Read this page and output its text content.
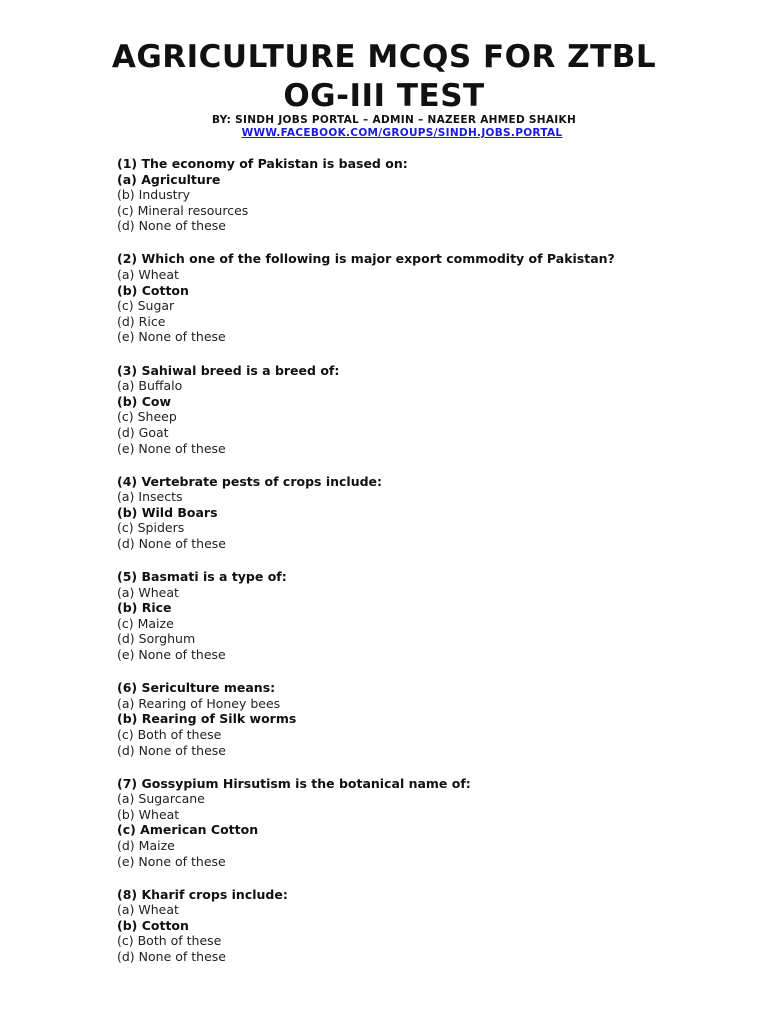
AGRICULTURE MCQS FOR ZTBL
OG-III TEST
BY: SINDH JOBS PORTAL – ADMIN – NAZEER AHMED SHAIKH
WWW.FACEBOOK.COM/GROUPS/SINDH.JOBS.PORTAL
(1) The economy of Pakistan is based on:
(a) Agriculture
(b) Industry
(c) Mineral resources
(d) None of these
(2) Which one of the following is major export commodity of Pakistan?
(a) Wheat
(b) Cotton
(c) Sugar
(d) Rice
(e) None of these
(3) Sahiwal breed is a breed of:
(a) Buffalo
(b) Cow
(c) Sheep
(d) Goat
(e) None of these
(4) Vertebrate pests of crops include:
(a) Insects
(b) Wild Boars
(c) Spiders
(d) None of these
(5) Basmati is a type of:
(a) Wheat
(b) Rice
(c) Maize
(d) Sorghum
(e) None of these
(6) Sericulture means:
(a) Rearing of Honey bees
(b) Rearing of Silk worms
(c) Both of these
(d) None of these
(7) Gossypium Hirsutism is the botanical name of:
(a) Sugarcane
(b) Wheat
(c) American Cotton
(d) Maize
(e) None of these
(8) Kharif crops include:
(a) Wheat
(b) Cotton
(c) Both of these
(d) None of these
